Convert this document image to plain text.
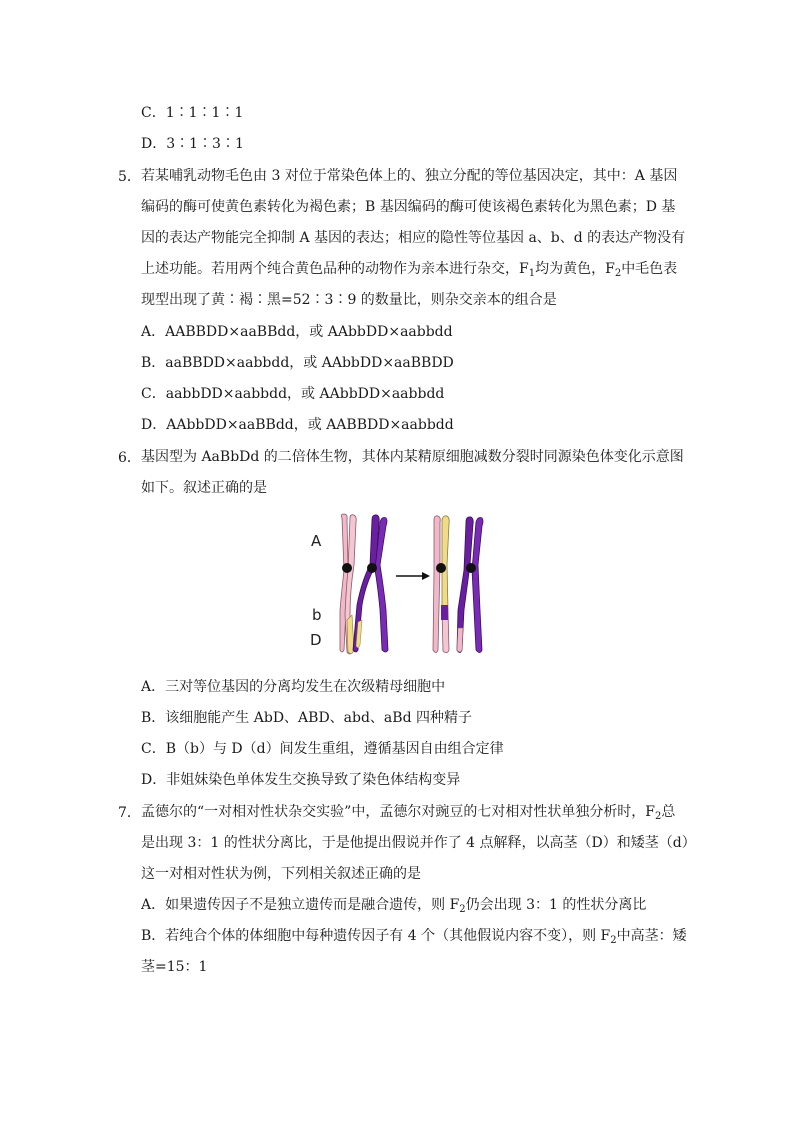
C．1∶1∶1∶1
D．3∶1∶3∶1
5． 若某哺乳动物毛色由 3 对位于常染色体上的、独立分配的等位基因决定，其中：A 基因
编码的酶可使黄色素转化为褐色素；B 基因编码的酶可使该褐色素转化为黑色素；D 基
因的表达产物能完全抑制 A 基因的表达；相应的隐性等位基因 a、b、d 的表达产物没有
上述功能。若用两个纯合黄色品种的动物作为亲本进行杂交，$F_1$均为黄色，$F_2$中毛色表
现型出现了黄∶褐∶黑=52∶3∶9 的数量比，则杂交亲本的组合是
A．AABBDD×aaBBdd，或 AAbbDD×aabbdd
B．aaBBDD×aabbdd，或 AAbbDD×aaBBDD
C．aabbDD×aabbdd，或 AAbbDD×aabbdd
D．AAbbDD×aaBBdd，或 AABBDD×aabbdd
6． 基因型为 AaBbDd 的二倍体生物，其体内某精原细胞减数分裂时同源染色体变化示意图
如下。叙述正确的是
A
b
D
A．三对等位基因的分离均发生在次级精母细胞中
B．该细胞能产生 AbD、ABD、abd、aBd 四种精子
C．B（b）与 D（d）间发生重组，遵循基因自由组合定律
D．非姐妹染色单体发生交换导致了染色体结构变异
7． 孟德尔的“一对相对性状杂交实验”中，孟德尔对豌豆的七对相对性状单独分析时，$F_2$总
是出现 3：1 的性状分离比，于是他提出假说并作了 4 点解释，以高茎（D）和矮茎（d）
这一对相对性状为例，下列相关叙述正确的是
A．如果遗传因子不是独立遗传而是融合遗传，则 $F_2$仍会出现 3：1 的性状分离比
B．若纯合个体的体细胞中每种遗传因子有 4 个（其他假说内容不变），则 $F_2$中高茎：矮
茎=15：1
